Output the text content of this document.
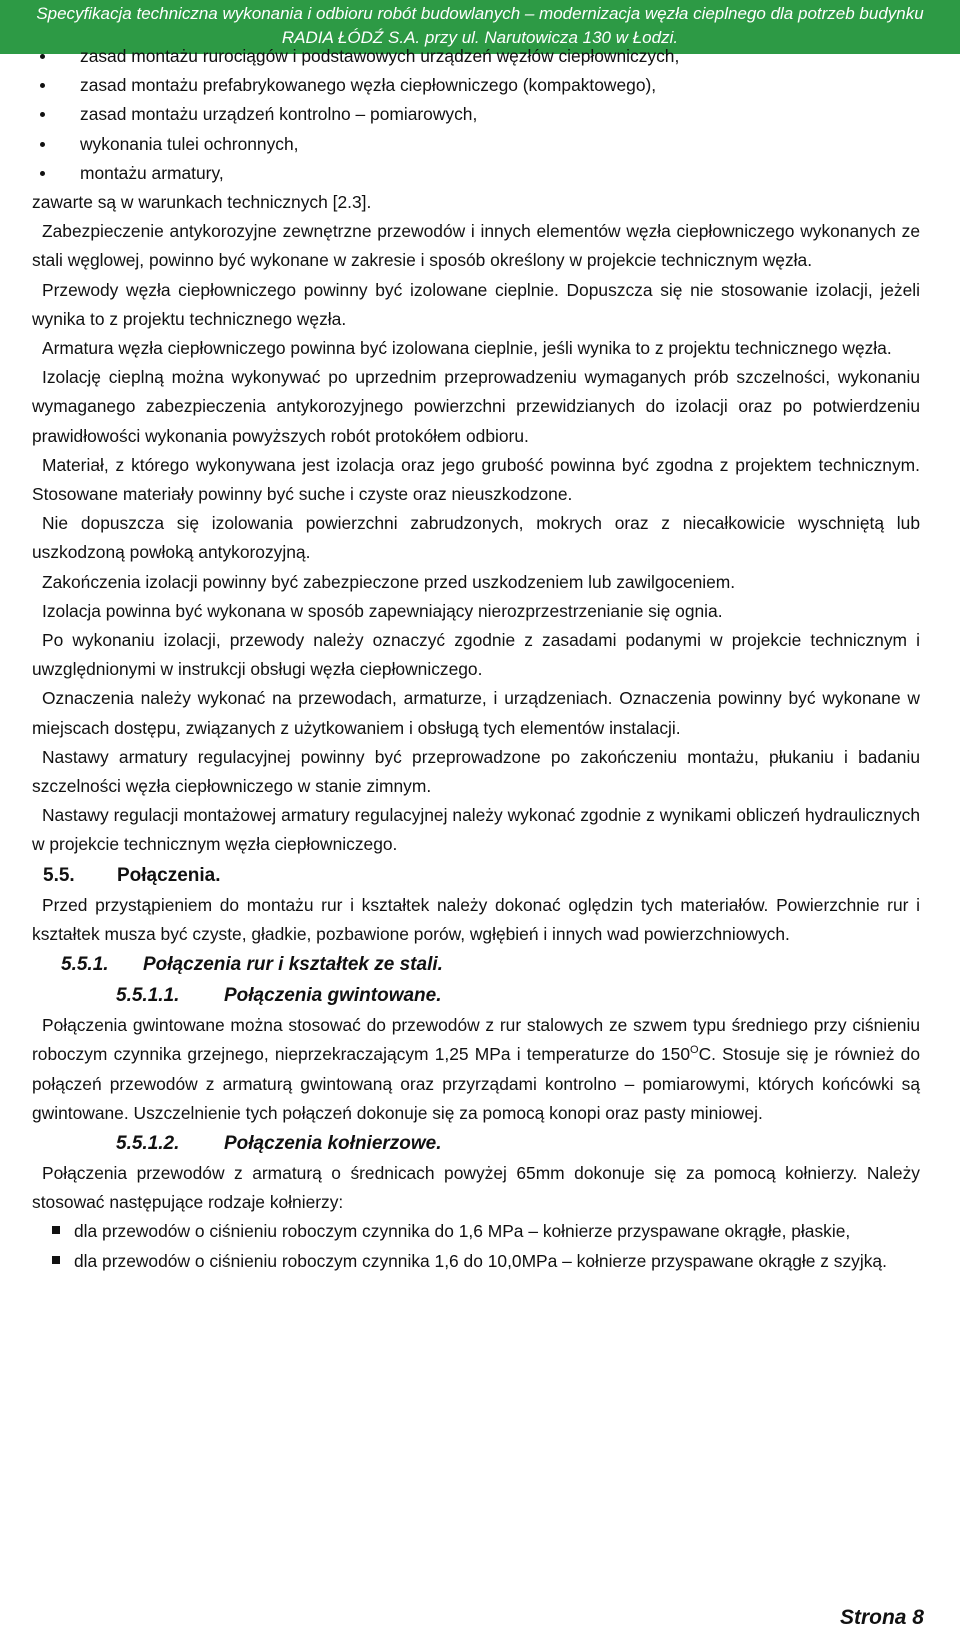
Specyfikacja techniczna wykonania i odbioru robót budowlanych – modernizacja węzła cieplnego dla potrzeb budynku
RADIA ŁÓDŹ S.A. przy ul. Narutowicza 130 w Łodzi.
zasad montażu rurociągów i podstawowych urządzeń węzłów ciepłowniczych,
zasad montażu prefabrykowanego węzła ciepłowniczego (kompaktowego),
zasad montażu urządzeń kontrolno – pomiarowych,
wykonania tulei ochronnych,
montażu armatury,

zawarte są w warunkach technicznych [2.3].

Zabezpieczenie antykorozyjne zewnętrzne przewodów i innych elementów węzła ciepłowniczego wykonanych ze stali węglowej, powinno być wykonane w zakresie i sposób określony w projekcie technicznym węzła.

Przewody węzła ciepłowniczego powinny być izolowane cieplnie. Dopuszcza się nie stosowanie izolacji, jeżeli wynika to z projektu technicznego węzła.

Armatura węzła ciepłowniczego powinna być izolowana cieplnie, jeśli wynika to z projektu technicznego węzła.

Izolację cieplną można wykonywać po uprzednim przeprowadzeniu wymaganych prób szczelności, wykonaniu wymaganego zabezpieczenia antykorozyjnego powierzchni przewidzianych do izolacji oraz po potwierdzeniu prawidłowości wykonania powyższych robót protokółem odbioru.

Materiał, z którego wykonywana jest izolacja oraz jego grubość powinna być zgodna z projektem technicznym. Stosowane materiały powinny być suche i czyste oraz nieuszkodzone.

Nie dopuszcza się izolowania powierzchni zabrudzonych, mokrych oraz z niecałkowicie wyschniętą lub uszkodzoną powłoką antykorozyjną.

Zakończenia izolacji powinny być zabezpieczone przed uszkodzeniem lub zawilgoceniem.

Izolacja powinna być wykonana w sposób zapewniający nierozprzestrzenianie się ognia.

Po wykonaniu izolacji, przewody należy oznaczyć zgodnie z zasadami podanymi w projekcie technicznym i uwzględnionymi w instrukcji obsługi węzła ciepłowniczego.

Oznaczenia należy wykonać na przewodach, armaturze, i urządzeniach. Oznaczenia powinny być wykonane w miejscach dostępu, związanych z użytkowaniem i obsługą tych elementów instalacji.

Nastawy armatury regulacyjnej powinny być przeprowadzone po zakończeniu montażu, płukaniu i badaniu szczelności węzła ciepłowniczego w stanie zimnym.

Nastawy regulacji montażowej armatury regulacyjnej należy wykonać zgodnie z wynikami obliczeń hydraulicznych w projekcie technicznym węzła ciepłowniczego.

5.5. Połączenia.

Przed przystąpieniem do montażu rur i kształtek należy dokonać oględzin tych materiałów. Powierzchnie rur i kształtek musza być czyste, gładkie, pozbawione porów, wgłębień i innych wad powierzchniowych.

5.5.1. Połączenia rur i kształtek ze stali.
5.5.1.1. Połączenia gwintowane.

Połączenia gwintowane można stosować do przewodów z rur stalowych ze szwem typu średniego przy ciśnieniu roboczym czynnika grzejnego, nieprzekraczającym 1,25 MPa i temperaturze do $150^OC$. Stosuje się je również do połączeń przewodów z armaturą gwintowaną oraz przyrządami kontrolno – pomiarowymi, których końcówki są gwintowane. Uszczelnienie tych połączeń dokonuje się za pomocą konopi oraz pasty miniowej.

5.5.1.2. Połączenia kołnierzowe.

Połączenia przewodów z armaturą o średnicach powyżej 65mm dokonuje się za pomocą kołnierzy. Należy stosować następujące rodzaje kołnierzy:

dla przewodów o ciśnieniu roboczym czynnika do 1,6 MPa – kołnierze przyspawane okrągłe, płaskie,
dla przewodów o ciśnieniu roboczym czynnika 1,6 do 10,0MPa – kołnierze przyspawane okrągłe z szyjką.
Strona 8
